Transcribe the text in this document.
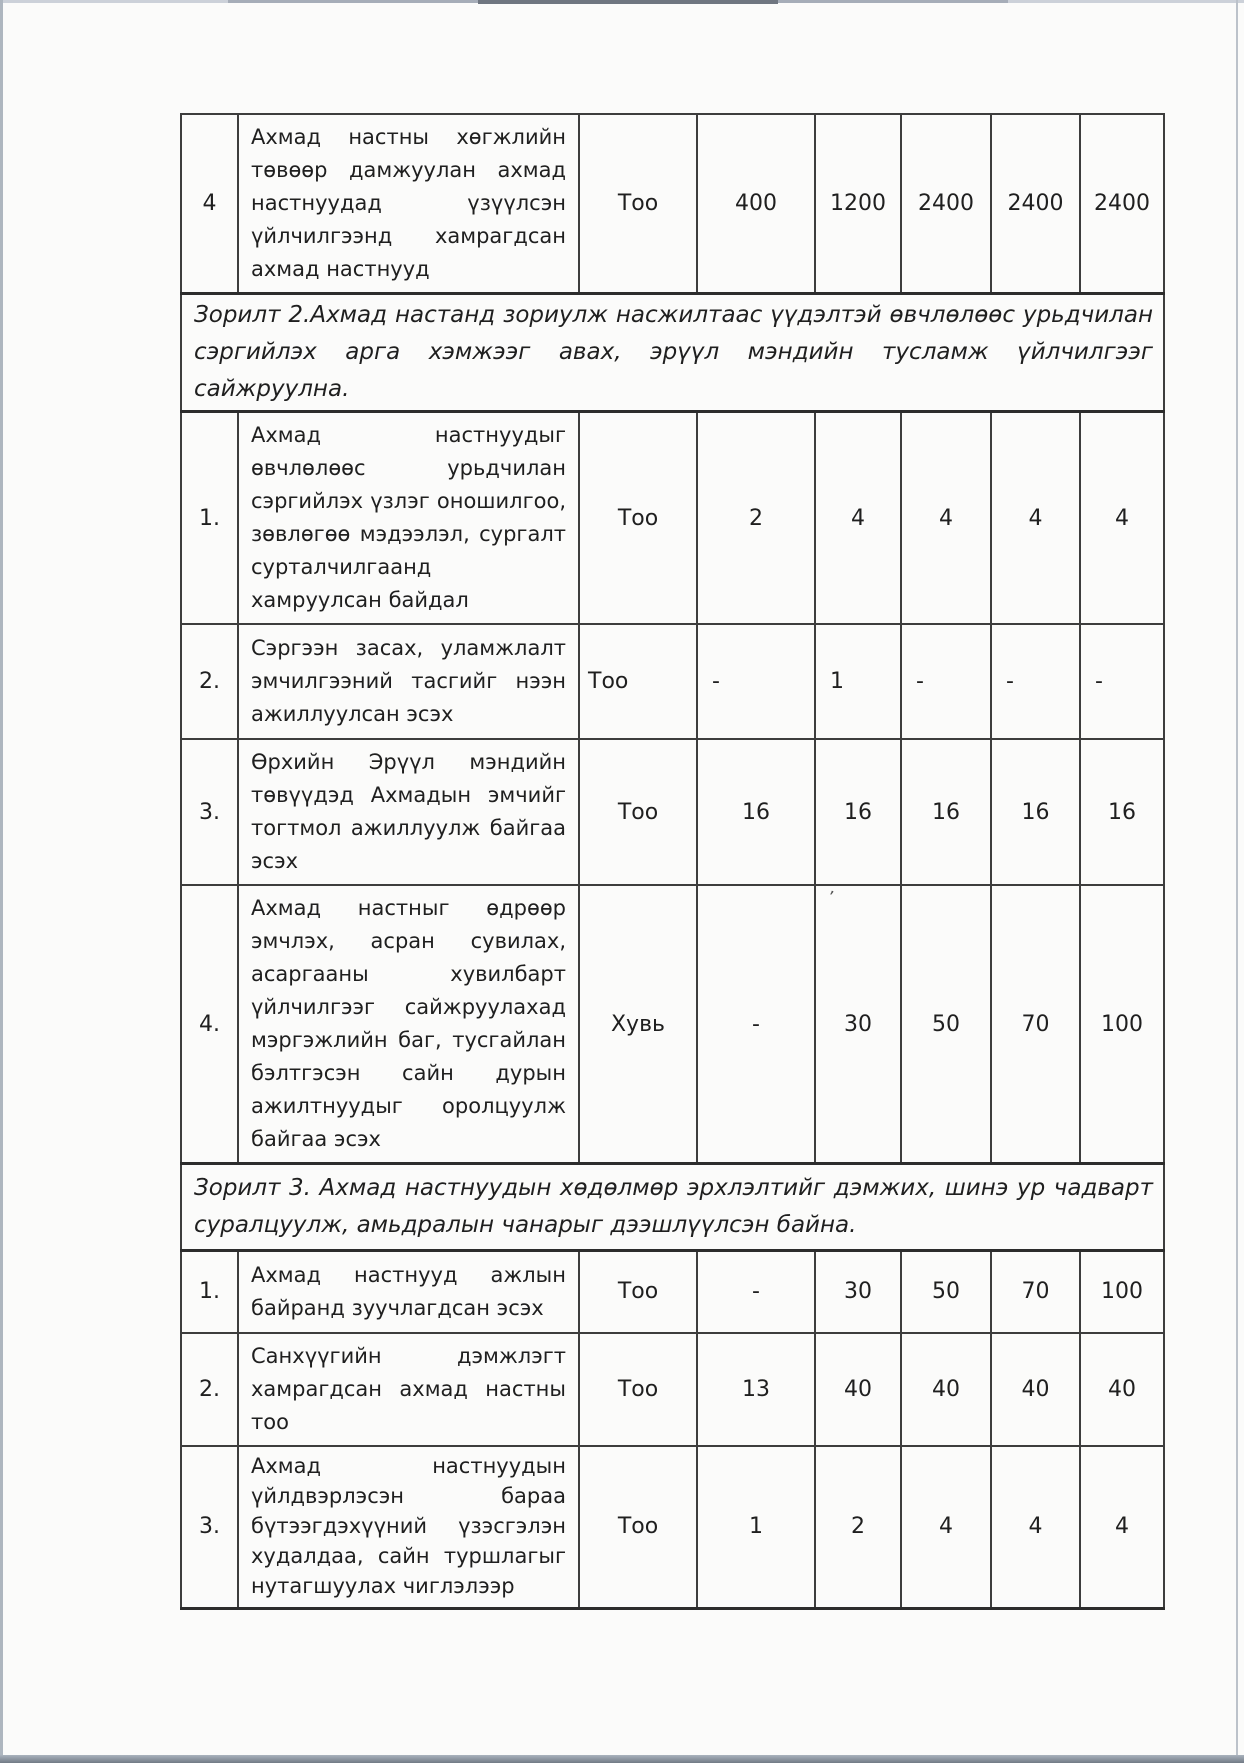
’
4	Ахмад настны хөгжлийн төвөөр дамжуулан ахмад настнуудад үзүүлсэн үйлчилгээнд хамрагдсан ахмад настнууд	Тоо	400	1200	2400	2400	2400
Зорилт 2.Ахмад настанд зориулж насжилтаас үүдэлтэй өвчлөлөөс урьдчилан сэргийлэх арга хэмжээг авах, эрүүл мэндийн тусламж үйлчилгээг сайжруулна.							
1.	Ахмад настнуудыг өвчлөлөөс урьдчилан сэргийлэх үзлэг оношилгоо, зөвлөгөө мэдээлэл, сургалт сурталчилгаанд хамруулсан байдал	Тоо	2	4	4	4	4
2.	Сэргээн засах, уламжлалт эмчилгээний тасгийг нээн ажиллуулсан эсэх	Тоо	-	1	-	-	-
3.	Өрхийн Эрүүл мэндийн төвүүдэд Ахмадын эмчийг тогтмол ажиллуулж байгаа эсэх	Тоо	16	16	16	16	16
4.	Ахмад настныг өдрөөр эмчлэх, асран сувилах, асаргааны хувилбарт үйлчилгээг сайжруулахад мэргэжлийн баг, тусгайлан бэлтгэсэн сайн дурын ажилтнуудыг оролцуулж байгаа эсэх	Хувь	-	30	50	70	100
Зорилт 3. Ахмад настнуудын хөдөлмөр эрхлэлтийг дэмжих, шинэ ур чадварт суралцуулж, амьдралын чанарыг дээшлүүлсэн байна.							
1.	Ахмад настнууд ажлын байранд зуучлагдсан эсэх	Тоо	-	30	50	70	100
2.	Санхүүгийн дэмжлэгт хамрагдсан ахмад настны тоо	Тоо	13	40	40	40	40
3.	Ахмад настнуудын үйлдвэрлэсэн бараа бүтээгдэхүүний үзэсгэлэн худалдаа, сайн туршлагыг нутагшуулах чиглэлээр	Тоо	1	2	4	4	4
